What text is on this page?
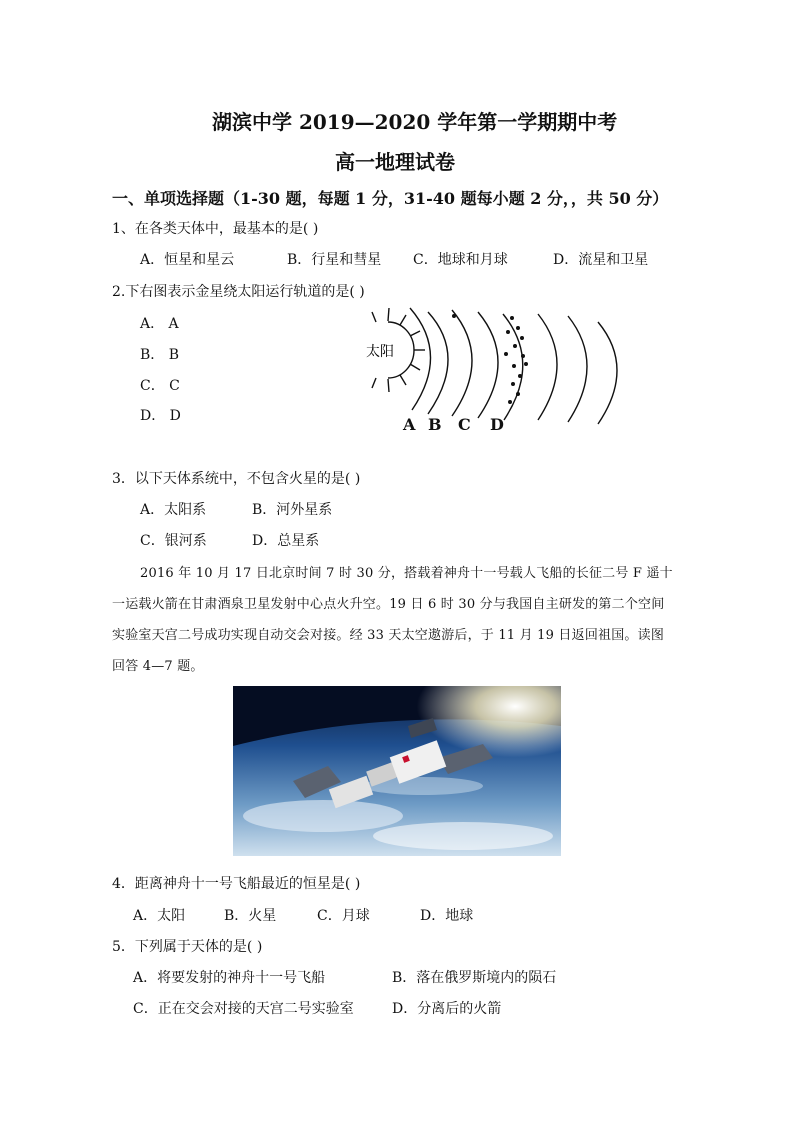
湖滨中学 2019—2020 学年第一学期期中考
高一地理试卷
一、单项选择题（1-30 题，每题 1 分，31-40 题每小题 2 分，，共 50 分）
1、在各类天体中，最基本的是( )
A．恒星和星云	B．行星和彗星 C．地球和月球	D．流星和卫星
2.下右图表示金星绕太阳运行轨道的是( )
A． A
B． B
C． C
D． D
太阳
A B C D
3．以下天体系统中，不包含火星的是( )
A．太阳系	B．河外星系
C．银河系	D．总星系
2016 年 10 月 17 日北京时间 7 时 30 分，搭载着神舟十一号载人飞船的长征二号 F 遥十
一运载火箭在甘肃酒泉卫星发射中心点火升空。19 日 6 时 30 分与我国自主研发的第二个空间
实验室天宫二号成功实现自动交会对接。经 33 天太空遨游后，于 11 月 19 日返回祖国。读图
回答 4—7 题。
4．距离神舟十一号飞船最近的恒星是( )
A．太阳	B．火星	C．月球	D．地球
5．下列属于天体的是( )
A．将要发射的神舟十一号飞船	B．落在俄罗斯境内的陨石
C．正在交会对接的天宫二号实验室	D．分离后的火箭
